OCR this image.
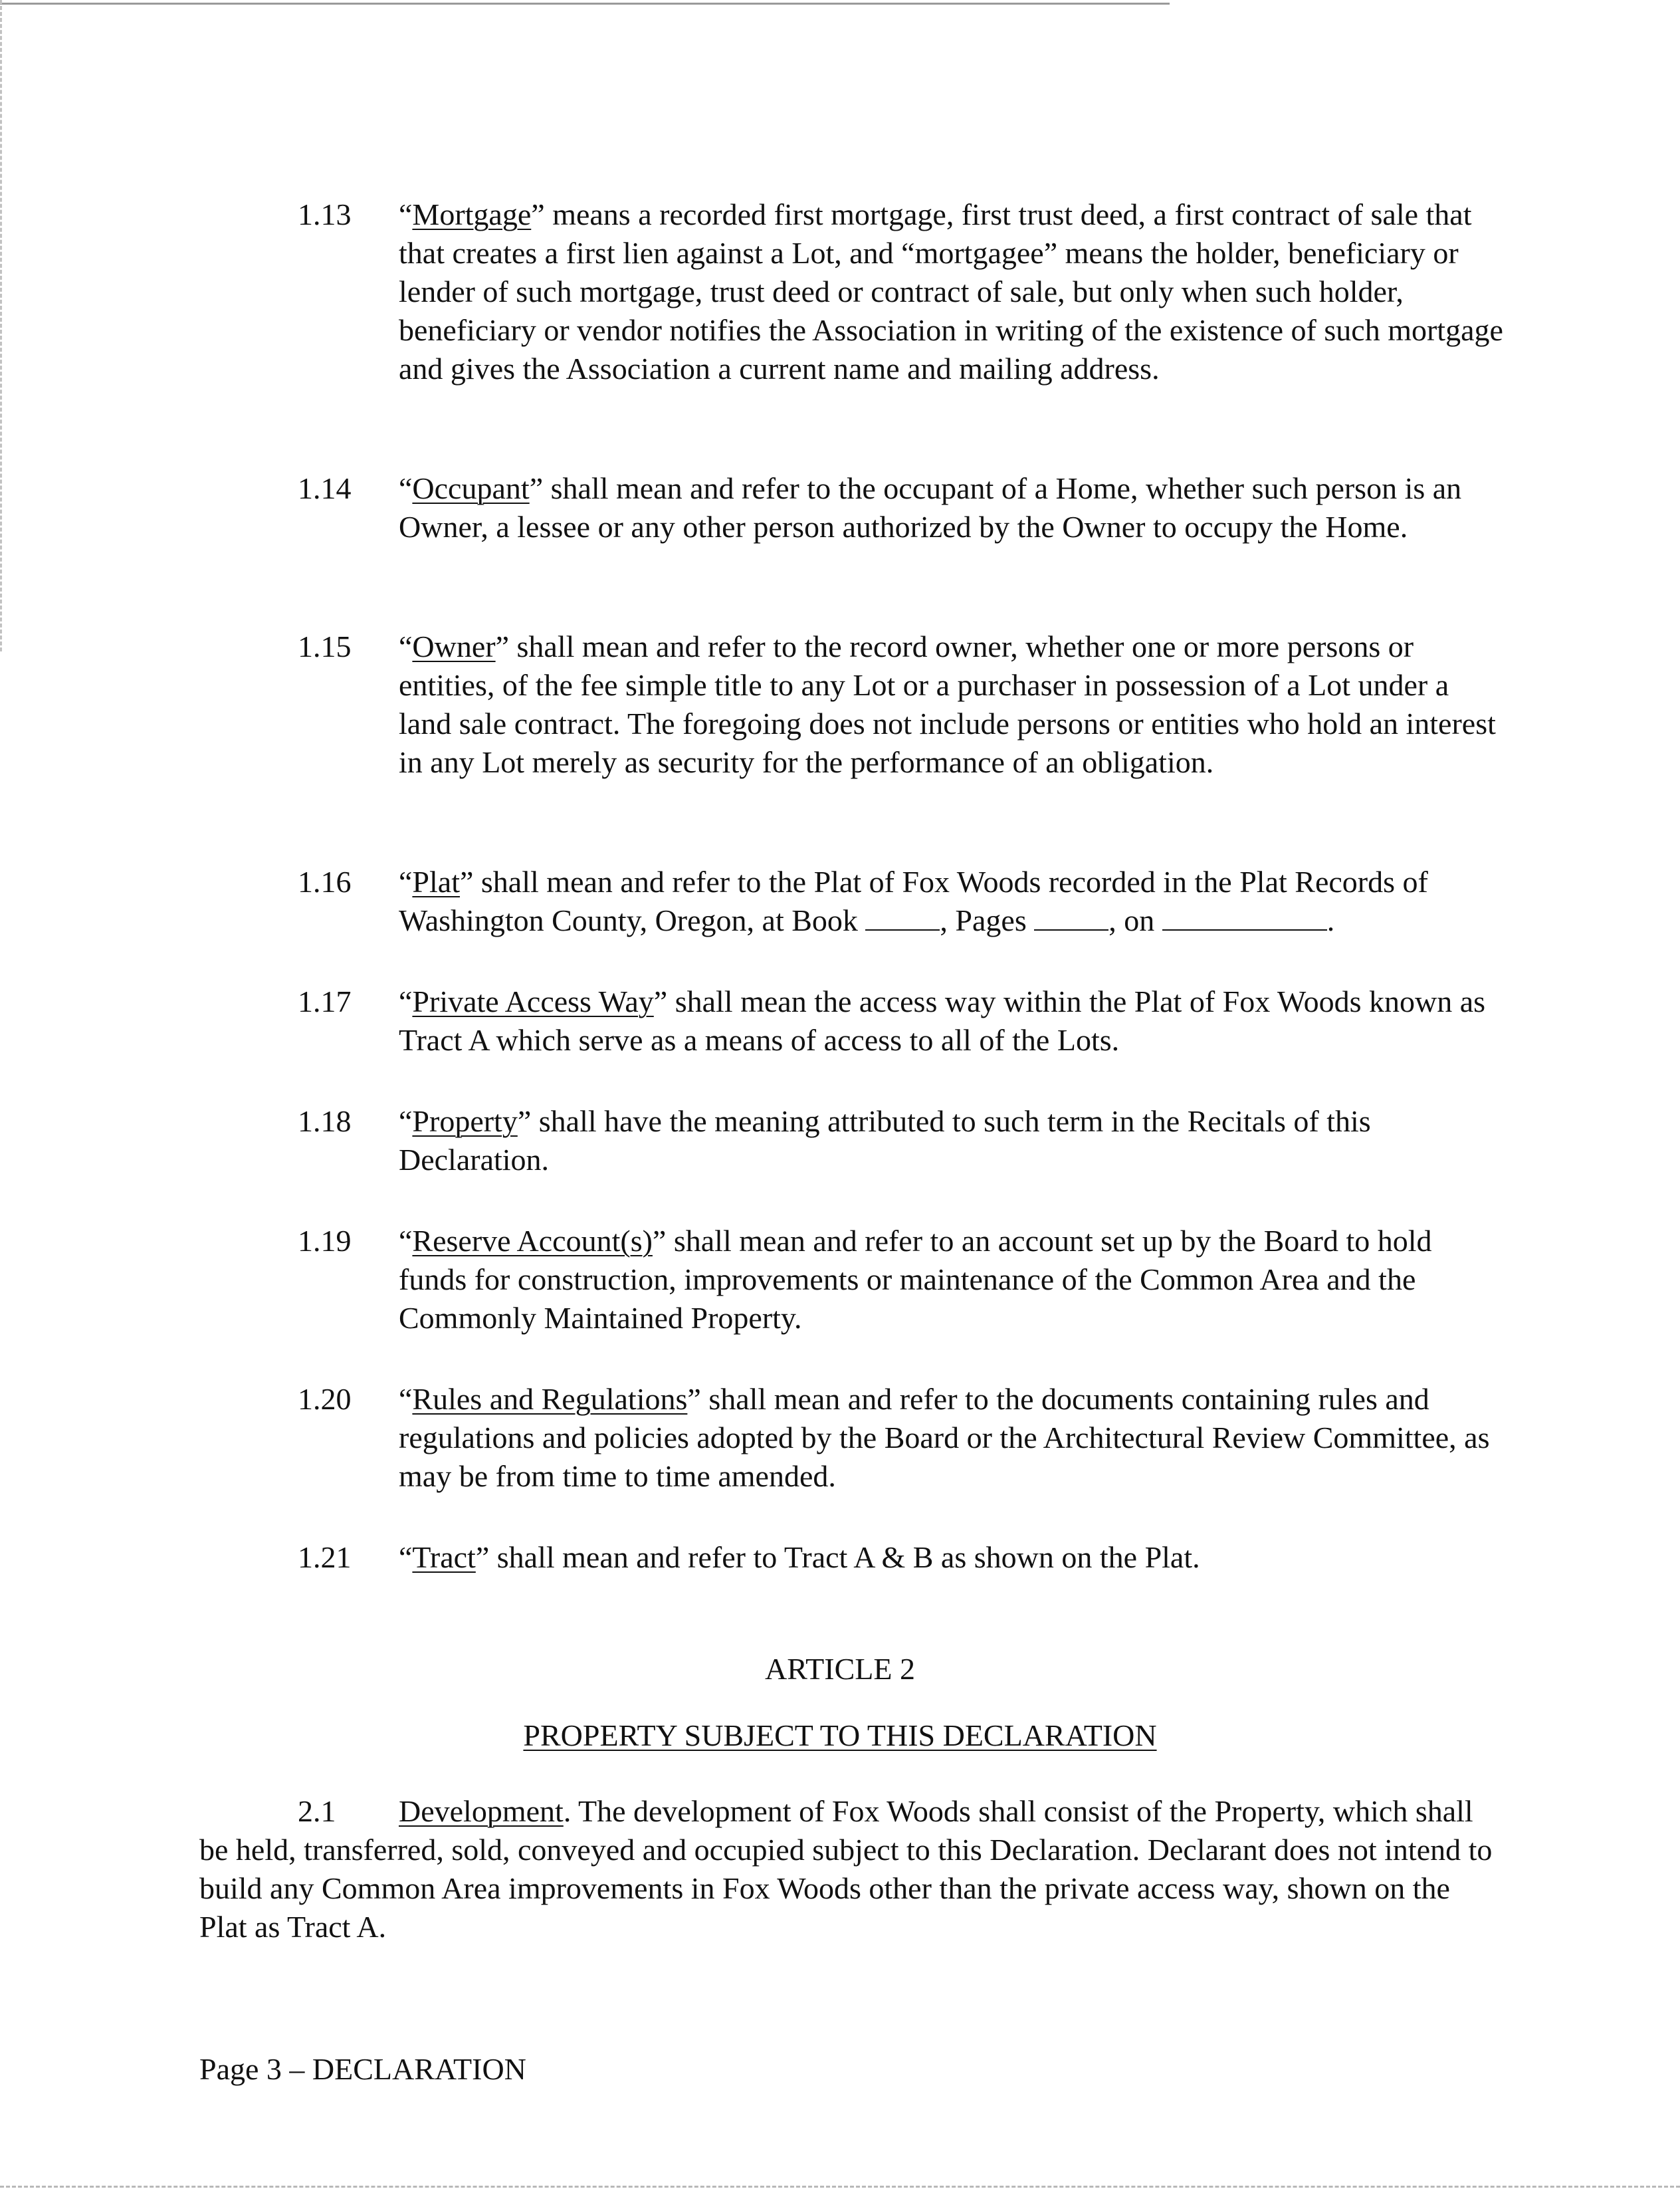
1.13 “Mortgage” means a recorded first mortgage, first trust deed, a first contract of sale that that creates a first lien against a Lot, and “mortgagee” means the holder, beneficiary or lender of such mortgage, trust deed or contract of sale, but only when such holder, beneficiary or vendor notifies the Association in writing of the existence of such mortgage and gives the Association a current name and mailing address.

1.14 “Occupant” shall mean and refer to the occupant of a Home, whether such person is an Owner, a lessee or any other person authorized by the Owner to occupy the Home.

1.15 “Owner” shall mean and refer to the record owner, whether one or more persons or entities, of the fee simple title to any Lot or a purchaser in possession of a Lot under a land sale contract. The foregoing does not include persons or entities who hold an interest in any Lot merely as security for the performance of an obligation.

1.16 “Plat” shall mean and refer to the Plat of Fox Woods recorded in the Plat Records of Washington County, Oregon, at Book , Pages , on	.

1.17 “Private Access Way” shall mean the access way within the Plat of Fox Woods known as Tract A which serve as a means of access to all of the Lots.

1.18 “Property” shall have the meaning attributed to such term in the Recitals of this Declaration.

1.19 “Reserve Account(s)” shall mean and refer to an account set up by the Board to hold funds for construction, improvements or maintenance of the Common Area and the Commonly Maintained Property.

1.20 “Rules and Regulations” shall mean and refer to the documents containing rules and regulations and policies adopted by the Board or the Architectural Review Committee, as may be from time to time amended.

1.21 “Tract” shall mean and refer to Tract A & B as shown on the Plat.

ARTICLE 2
PROPERTY SUBJECT TO THIS DECLARATION

2.1 Development. The development of Fox Woods shall consist of the Property, which shall be held, transferred, sold, conveyed and occupied subject to this Declaration. Declarant does not intend to build any Common Area improvements in Fox Woods other than the private access way, shown on the Plat as Tract A.

Page 3 – DECLARATION
